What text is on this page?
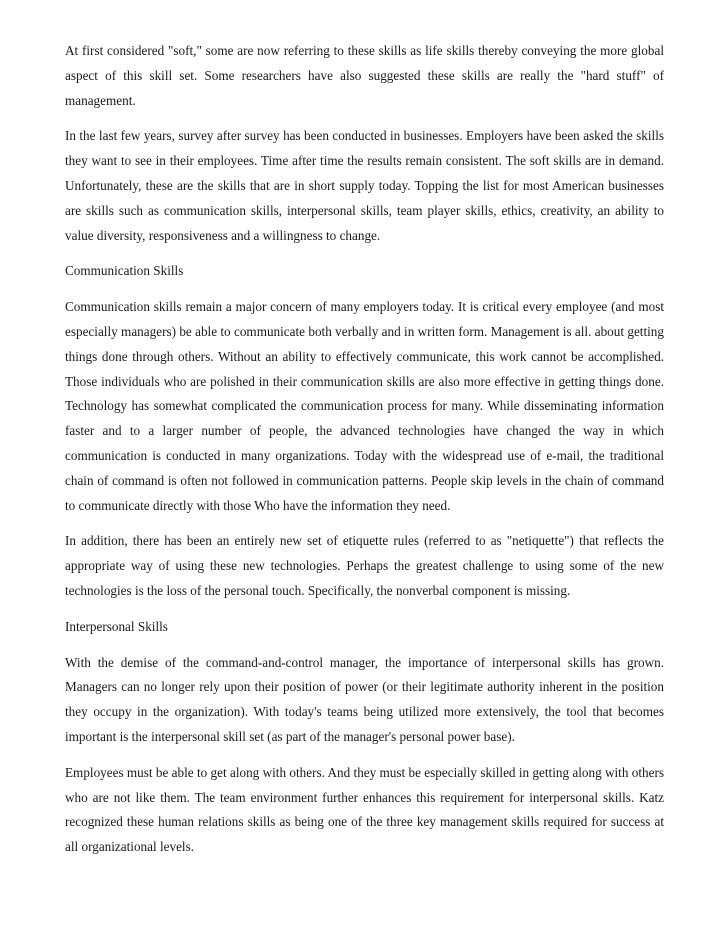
At first considered "soft," some are now referring to these skills as life skills thereby conveying the more global aspect of this skill set. Some researchers have also suggested these skills are really the "hard stuff" of management.

In the last few years, survey after survey has been conducted in businesses. Employers have been asked the skills they want to see in their employees. Time after time the results remain consistent. The soft skills are in demand. Unfortunately, these are the skills that are in short supply today. Topping the list for most American businesses are skills such as communication skills, interpersonal skills, team player skills, ethics, creativity, an ability to value diversity, responsiveness and a willingness to change.

Communication Skills

Communication skills remain a major concern of many employers today. It is critical every employee (and most especially managers) be able to communicate both verbally and in written form. Management is all. about getting things done through others. Without an ability to effectively communicate, this work cannot be accomplished. Those individuals who are polished in their communication skills are also more effective in getting things done. Technology has somewhat complicated the communication process for many. While disseminating information faster and to a larger number of people, the advanced technologies have changed the way in which communication is conducted in many organizations. Today with the widespread use of e-mail, the traditional chain of command is often not followed in communication patterns. People skip levels in the chain of command to communicate directly with those Who have the information they need.

In addition, there has been an entirely new set of etiquette rules (referred to as "netiquette") that reflects the appropriate way of using these new technologies. Perhaps the greatest challenge to using some of the new technologies is the loss of the personal touch. Specifically, the nonverbal component is missing.

Interpersonal Skills

With the demise of the command-and-control manager, the importance of interpersonal skills has grown. Managers can no longer rely upon their position of power (or their legitimate authority inherent in the position they occupy in the organization). With today's teams being utilized more extensively, the tool that becomes important is the interpersonal skill set (as part of the manager's personal power base).

Employees must be able to get along with others. And they must be especially skilled in getting along with others who are not like them. The team environment further enhances this requirement for interpersonal skills. Katz recognized these human relations skills as being one of the three key management skills required for success at all organizational levels.
